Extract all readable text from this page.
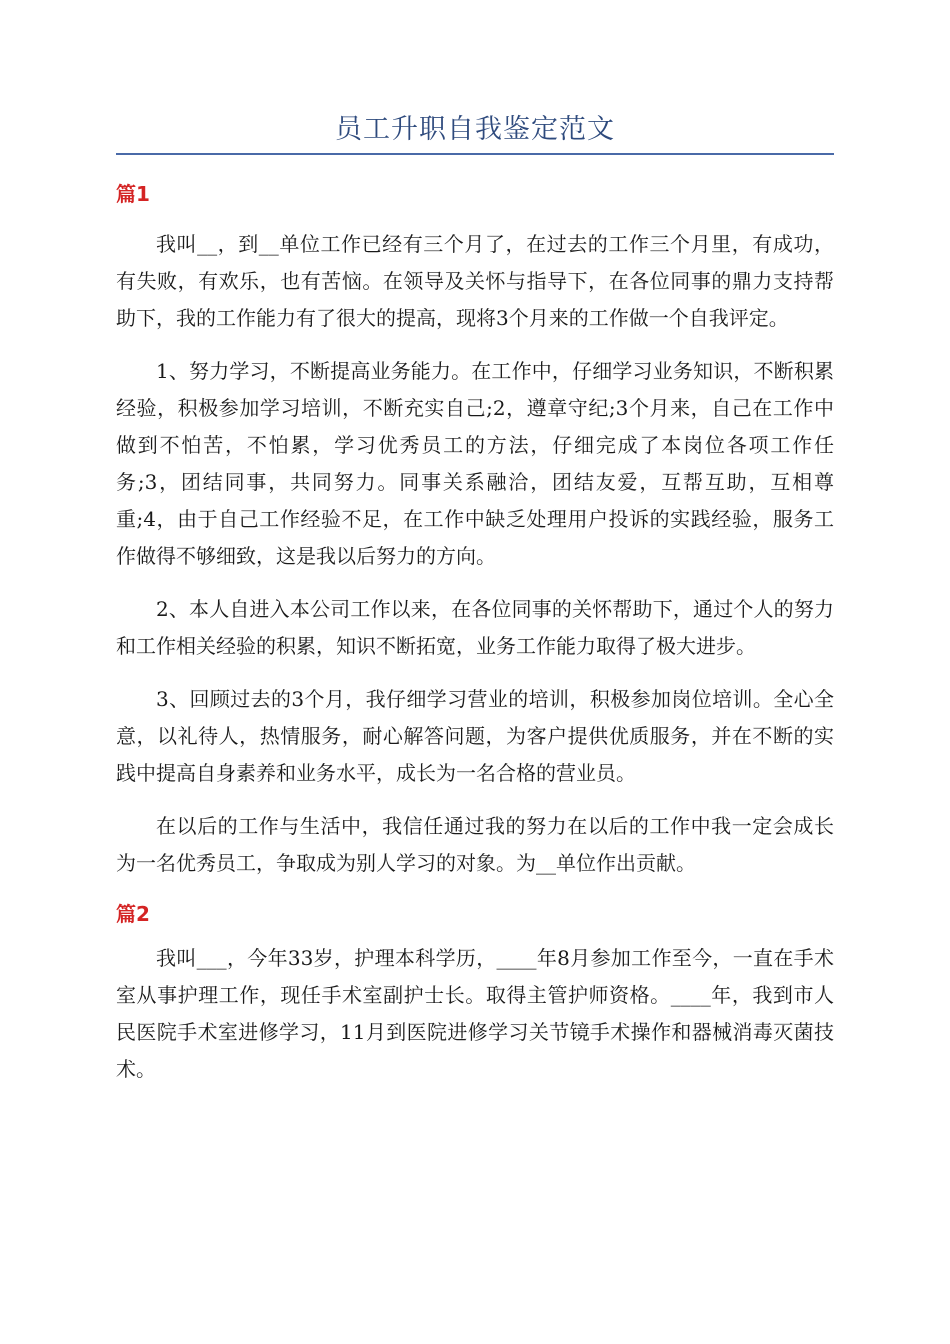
员工升职自我鉴定范文
篇1

我叫__，到__单位工作已经有三个月了，在过去的工作三个月里，有成功，有失败，有欢乐，也有苦恼。在领导及关怀与指导下，在各位同事的鼎力支持帮助下，我的工作能力有了很大的提高，现将3个月来的工作做一个自我评定。

1、努力学习，不断提高业务能力。在工作中，仔细学习业务知识，不断积累经验，积极参加学习培训，不断充实自己;2，遵章守纪;3个月来，自己在工作中做到不怕苦，不怕累，学习优秀员工的方法，仔细完成了本岗位各项工作任务;3，团结同事，共同努力。同事关系融洽，团结友爱，互帮互助，互相尊重;4，由于自己工作经验不足，在工作中缺乏处理用户投诉的实践经验，服务工作做得不够细致，这是我以后努力的方向。

2、本人自进入本公司工作以来，在各位同事的关怀帮助下，通过个人的努力和工作相关经验的积累，知识不断拓宽，业务工作能力取得了极大进步。

3、回顾过去的3个月，我仔细学习营业的培训，积极参加岗位培训。全心全意，以礼待人，热情服务，耐心解答问题，为客户提供优质服务，并在不断的实践中提高自身素养和业务水平，成长为一名合格的营业员。

在以后的工作与生活中，我信任通过我的努力在以后的工作中我一定会成长为一名优秀员工，争取成为别人学习的对象。为__单位作出贡献。

篇2

我叫___，今年33岁，护理本科学历，____年8月参加工作至今，一直在手术室从事护理工作，现任手术室副护士长。取得主管护师资格。____年，我到市人民医院手术室进修学习，11月到医院进修学习关节镜手术操作和器械消毒灭菌技术。
